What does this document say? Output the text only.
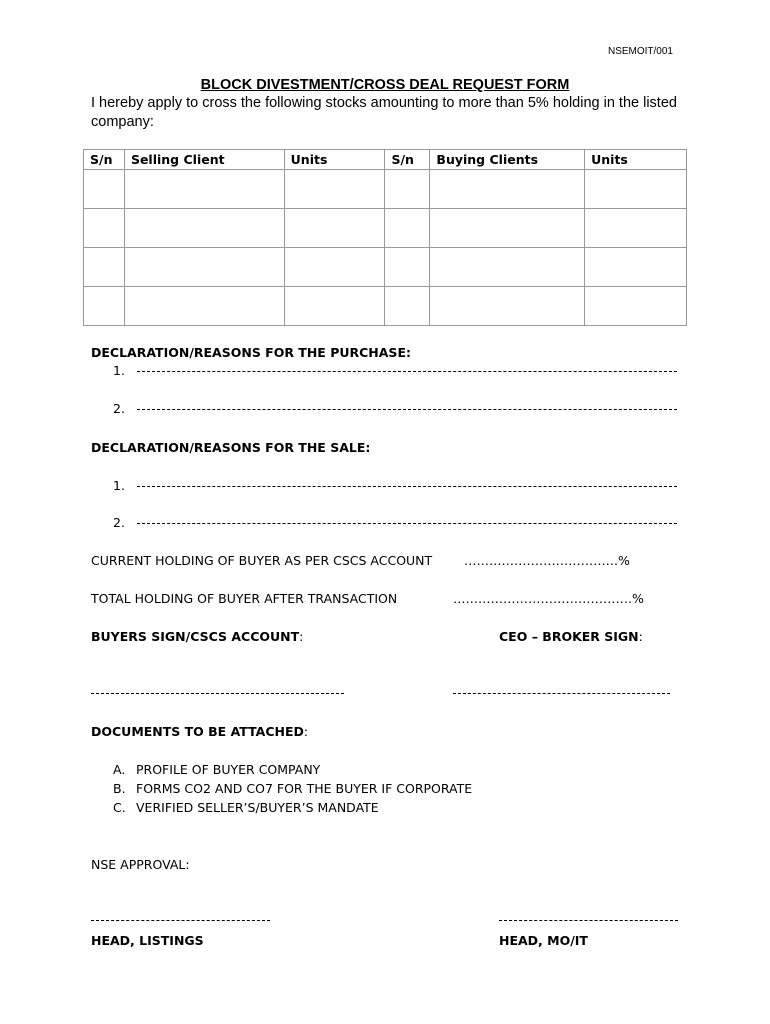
NSEMOIT/001
BLOCK DIVESTMENT/CROSS DEAL REQUEST FORM
I hereby apply to cross the following stocks amounting to more than 5% holding in the listed company:
S/n	Selling Client	Units	S/n	Buying Clients	Units

DECLARATION/REASONS FOR THE PURCHASE:
1.
2.
DECLARATION/REASONS FOR THE SALE:
1.
2.
CURRENT HOLDING OF BUYER AS PER CSCS ACCOUNT	……………………………….%
TOTAL HOLDING OF BUYER AFTER TRANSACTION	…………………………………….%
BUYERS SIGN/CSCS ACCOUNT:	CEO – BROKER SIGN:
DOCUMENTS TO BE ATTACHED:
A. PROFILE OF BUYER COMPANY
B. FORMS CO2 AND CO7 FOR THE BUYER IF CORPORATE
C. VERIFIED SELLER’S/BUYER’S MANDATE
NSE APPROVAL:
HEAD, LISTINGS	HEAD, MO/IT
